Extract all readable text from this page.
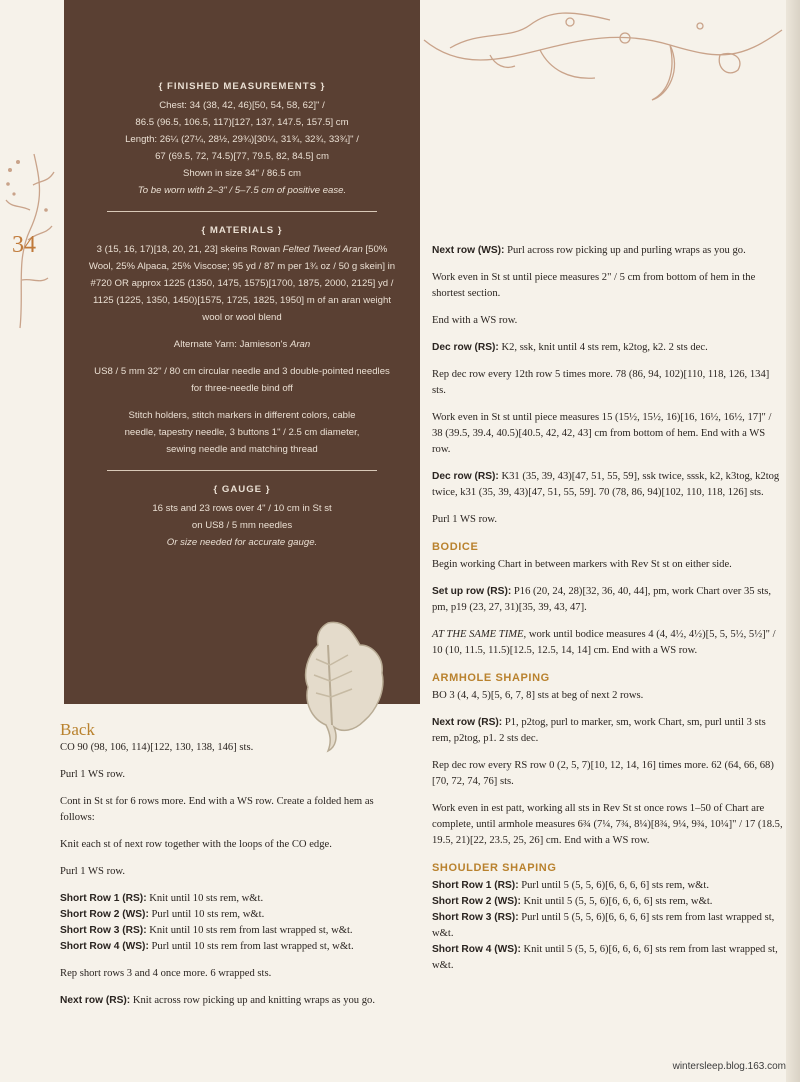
34
{ FINISHED MEASUREMENTS }

Chest: 34 (38, 42, 46)[50, 54, 58, 62]" /

86.5 (96.5, 106.5, 117)[127, 137, 147.5, 157.5] cm

Length: 26¼ (27¼, 28½, 29¾)[30¼, 31¾, 32¾, 33¾]" /

67 (69.5, 72, 74.5)[77, 79.5, 82, 84.5] cm

Shown in size 34" / 86.5 cm

To be worn with 2–3" / 5–7.5 cm of positive ease.

{ MATERIALS }

3 (15, 16, 17)[18, 20, 21, 23] skeins Rowan Felted Tweed Aran [50% Wool, 25% Alpaca, 25% Viscose; 95 yd / 87 m per 1¾ oz / 50 g skein] in #720 OR approx 1225 (1350, 1475, 1575)[1700, 1875, 2000, 2125] yd / 1125 (1225, 1350, 1450)[1575, 1725, 1825, 1950] m of an aran weight wool or wool blend

Alternate Yarn: Jamieson's Aran

US8 / 5 mm 32" / 80 cm circular needle and 3 double-pointed needles for three-needle bind off

Stitch holders, stitch markers in different colors, cable needle, tapestry needle, 3 buttons 1" / 2.5 cm diameter, sewing needle and matching thread

{ GAUGE }

16 sts and 23 rows over 4" / 10 cm in St st

on US8 / 5 mm needles

Or size needed for accurate gauge.

Back

CO 90 (98, 106, 114)[122, 130, 138, 146] sts.

Purl 1 WS row.

Cont in St st for 6 rows more. End with a WS row. Create a folded hem as follows:

Knit each st of next row together with the loops of the CO edge.

Purl 1 WS row.

Short Row 1 (RS): Knit until 10 sts rem, w&t.

Short Row 2 (WS): Purl until 10 sts rem, w&t.

Short Row 3 (RS): Knit until 10 sts rem from last wrapped st, w&t.

Short Row 4 (WS): Purl until 10 sts rem from last wrapped st, w&t.

Rep short rows 3 and 4 once more. 6 wrapped sts.

Next row (RS): Knit across row picking up and knitting wraps as you go.

Next row (WS): Purl across row picking up and purling wraps as you go.

Work even in St st until piece measures 2" / 5 cm from bottom of hem in the shortest section.

End with a WS row.

Dec row (RS): K2, ssk, knit until 4 sts rem, k2tog, k2. 2 sts dec.

Rep dec row every 12th row 5 times more. 78 (86, 94, 102)[110, 118, 126, 134] sts.

Work even in St st until piece measures 15 (15½, 15½, 16)[16, 16½, 16½, 17]" / 38 (39.5, 39.4, 40.5)[40.5, 42, 42, 43] cm from bottom of hem. End with a WS row.

Dec row (RS): K31 (35, 39, 43)[47, 51, 55, 59], ssk twice, sssk, k2, k3tog, k2tog twice, k31 (35, 39, 43)[47, 51, 55, 59]. 70 (78, 86, 94)[102, 110, 118, 126] sts.

Purl 1 WS row.

BODICE

Begin working Chart in between markers with Rev St st on either side.

Set up row (RS): P16 (20, 24, 28)[32, 36, 40, 44], pm, work Chart over 35 sts, pm, p19 (23, 27, 31)[35, 39, 43, 47].

AT THE SAME TIME, work until bodice measures 4 (4, 4½, 4½)[5, 5, 5½, 5½]" / 10 (10, 11.5, 11.5)[12.5, 12.5, 14, 14] cm. End with a WS row.

ARMHOLE SHAPING

BO 3 (4, 4, 5)[5, 6, 7, 8] sts at beg of next 2 rows.

Next row (RS): P1, p2tog, purl to marker, sm, work Chart, sm, purl until 3 sts rem, p2tog, p1. 2 sts dec.

Rep dec row every RS row 0 (2, 5, 7)[10, 12, 14, 16] times more. 62 (64, 66, 68)[70, 72, 74, 76] sts.

Work even in est patt, working all sts in Rev St st once rows 1–50 of Chart are complete, until armhole measures 6¾ (7¼, 7¾, 8¼)[8¾, 9¼, 9¾, 10¼]" / 17 (18.5, 19.5, 21)[22, 23.5, 25, 26] cm. End with a WS row.

SHOULDER SHAPING

Short Row 1 (RS): Purl until 5 (5, 5, 6)[6, 6, 6, 6] sts rem, w&t.

Short Row 2 (WS): Knit until 5 (5, 5, 6)[6, 6, 6, 6] sts rem, w&t.

Short Row 3 (RS): Purl until 5 (5, 5, 6)[6, 6, 6, 6] sts rem from last wrapped st, w&t.

Short Row 4 (WS): Knit until 5 (5, 5, 6)[6, 6, 6, 6] sts rem from last wrapped st, w&t.

wintersleep.blog.163.com
